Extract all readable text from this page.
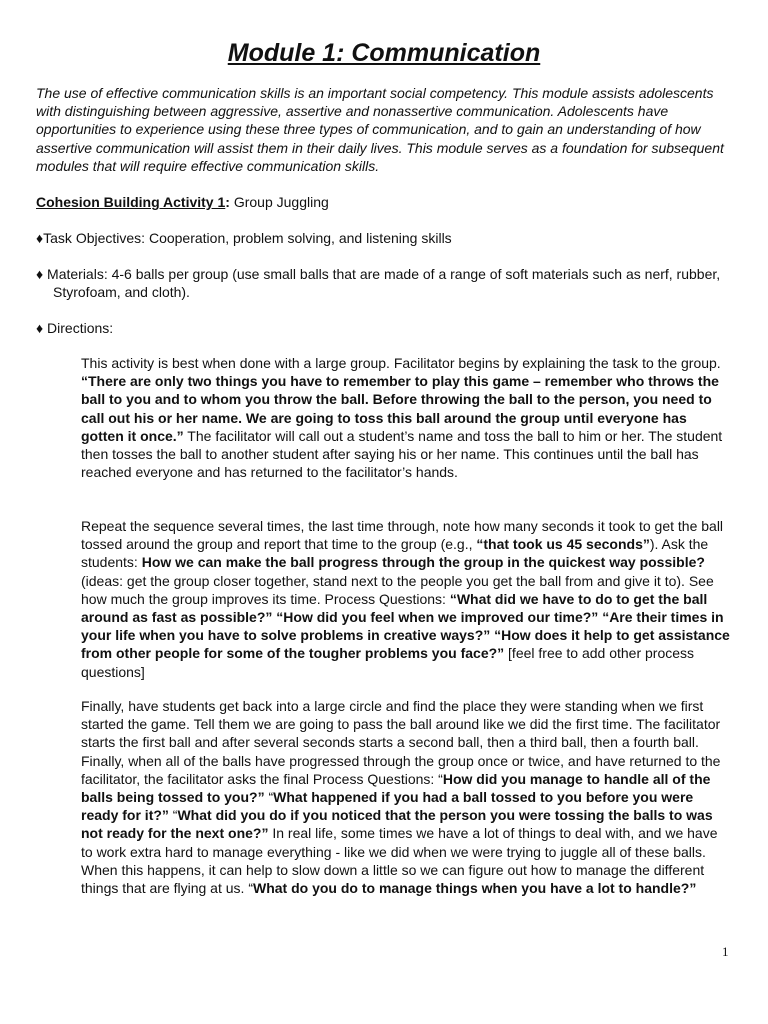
Module 1: Communication

The use of effective communication skills is an important social competency. This module assists adolescents with distinguishing between aggressive, assertive and nonassertive communication. Adolescents have opportunities to experience using these three types of communication, and to gain an understanding of how assertive communication will assist them in their daily lives. This module serves as a foundation for subsequent modules that will require effective communication skills.

Cohesion Building Activity 1: Group Juggling

♦Task Objectives: Cooperation, problem solving, and listening skills

♦ Materials: 4-6 balls per group (use small balls that are made of a range of soft materials such as nerf, rubber, Styrofoam, and cloth).

♦ Directions:

This activity is best when done with a large group. Facilitator begins by explaining the task to the group. “There are only two things you have to remember to play this game – remember who throws the ball to you and to whom you throw the ball. Before throwing the ball to the person, you need to call out his or her name. We are going to toss this ball around the group until everyone has gotten it once.” The facilitator will call out a student’s name and toss the ball to him or her. The student then tosses the ball to another student after saying his or her name. This continues until the ball has reached everyone and has returned to the facilitator’s hands.

Repeat the sequence several times, the last time through, note how many seconds it took to get the ball tossed around the group and report that time to the group (e.g., “that took us 45 seconds”). Ask the students: How we can make the ball progress through the group in the quickest way possible? (ideas: get the group closer together, stand next to the people you get the ball from and give it to). See how much the group improves its time. Process Questions: “What did we have to do to get the ball around as fast as possible?” “How did you feel when we improved our time?” “Are their times in your life when you have to solve problems in creative ways?” “How does it help to get assistance from other people for some of the tougher problems you face?” [feel free to add other process questions]

Finally, have students get back into a large circle and find the place they were standing when we first started the game. Tell them we are going to pass the ball around like we did the first time. The facilitator starts the first ball and after several seconds starts a second ball, then a third ball, then a fourth ball. Finally, when all of the balls have progressed through the group once or twice, and have returned to the facilitator, the facilitator asks the final Process Questions: “How did you manage to handle all of the balls being tossed to you?” “What happened if you had a ball tossed to you before you were ready for it?” “What did you do if you noticed that the person you were tossing the balls to was not ready for the next one?” In real life, some times we have a lot of things to deal with, and we have to work extra hard to manage everything - like we did when we were trying to juggle all of these balls. When this happens, it can help to slow down a little so we can figure out how to manage the different things that are flying at us. “What do you do to manage things when you have a lot to handle?”

1
